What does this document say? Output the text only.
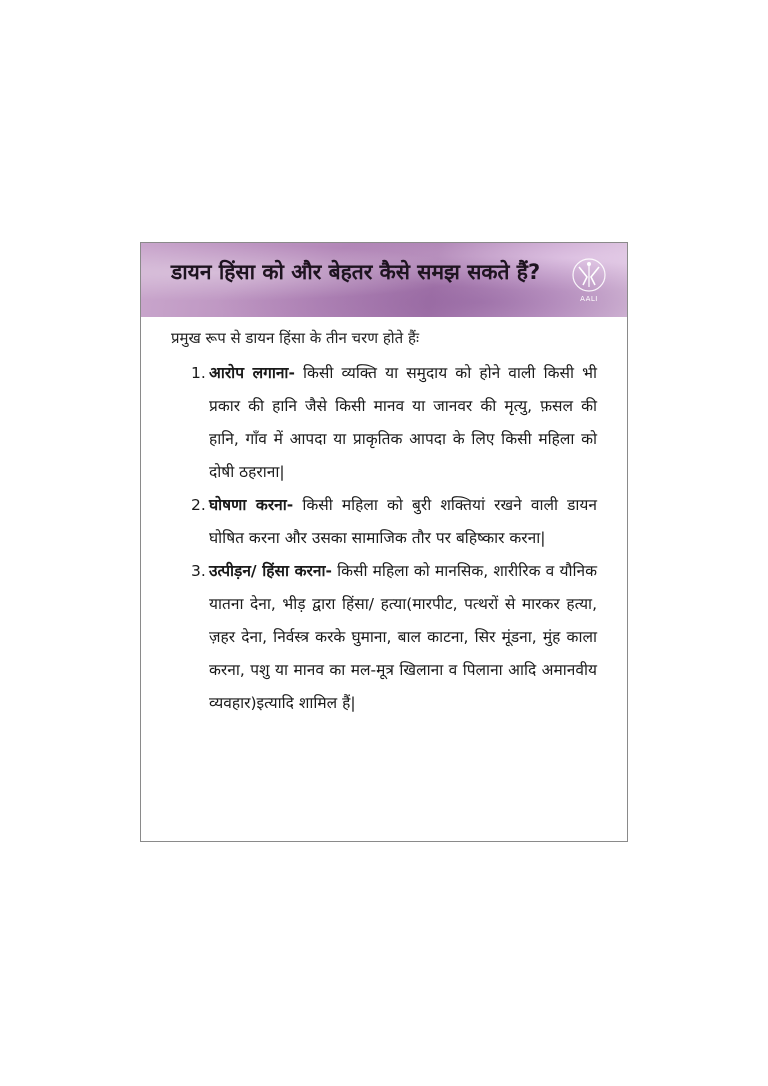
डायन हिंसा को और बेहतर कैसे समझ सकते हैं?
AALI
प्रमुख रूप से डायन हिंसा के तीन चरण होते हैंः
1. आरोप लगाना- किसी व्यक्ति या समुदाय को होने वाली किसी भी प्रकार की हानि जैसे किसी मानव या जानवर की मृत्यु, फ़सल की हानि, गाँव में आपदा या प्राकृतिक आपदा के लिए किसी महिला को दोषी ठहराना|
2. घोषणा करना- किसी महिला को बुरी शक्तियां रखने वाली डायन घोषित करना और उसका सामाजिक तौर पर बहिष्कार करना|
3. उत्पीड़न/ हिंसा करना- किसी महिला को मानसिक, शारीरिक व यौनिक यातना देना, भीड़ द्वारा हिंसा/ हत्या(मारपीट, पत्थरों से मारकर हत्या, ज़हर देना, निर्वस्त्र करके घुमाना, बाल काटना, सिर मूंडना, मुंह काला करना, पशु या मानव का मल-मूत्र खिलाना व पिलाना आदि अमानवीय व्यवहार)इत्यादि शामिल हैं|
